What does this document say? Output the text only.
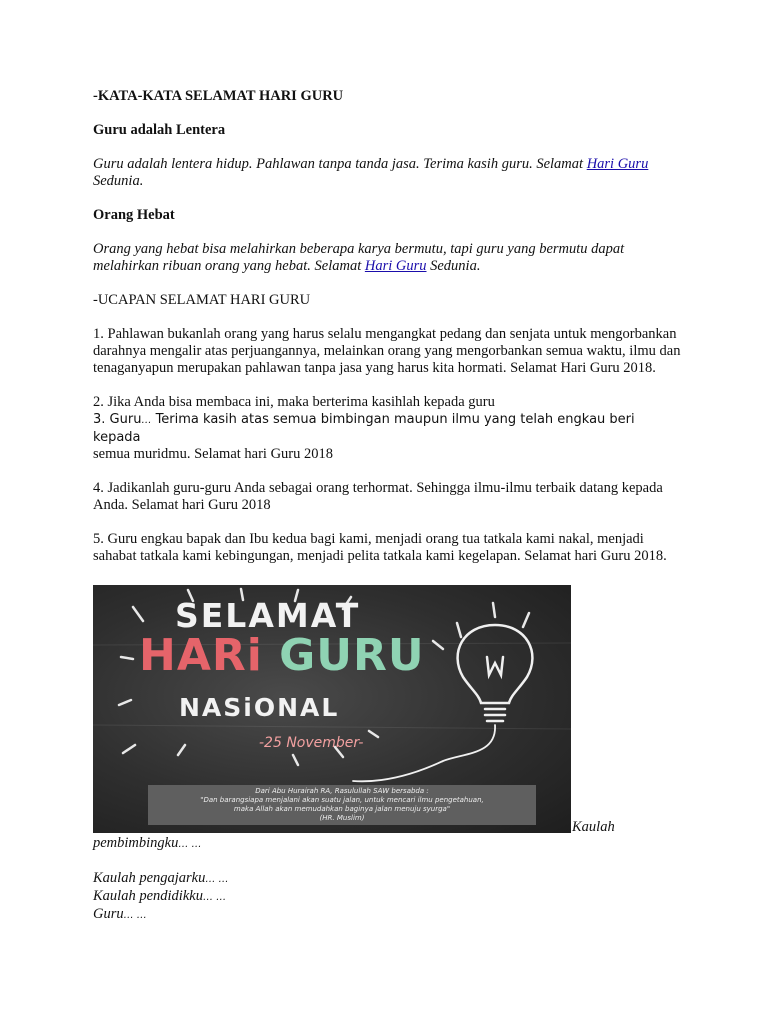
-KATA-KATA SELAMAT HARI GURU

Guru adalah Lentera

Guru adalah lentera hidup. Pahlawan tanpa tanda jasa. Terima kasih guru. Selamat Hari Guru Sedunia.

Orang Hebat

Orang yang hebat bisa melahirkan beberapa karya bermutu, tapi guru yang bermutu dapat melahirkan ribuan orang yang hebat. Selamat Hari Guru Sedunia.

-UCAPAN SELAMAT HARI GURU

1. Pahlawan bukanlah orang yang harus selalu mengangkat pedang dan senjata untuk mengorbankan darahnya mengalir atas perjuangannya, melainkan orang yang mengorbankan semua waktu, ilmu dan tenaganyapun merupakan pahlawan tanpa jasa yang harus kita hormati. Selamat Hari Guru 2018.

2. Jika Anda bisa membaca ini, maka berterima kasihlah kepada guru

3. Guru… Terima kasih atas semua bimbingan maupun ilmu yang telah engkau beri kepada
semua muridmu. Selamat hari Guru 2018

4. Jadikanlah guru-guru Anda sebagai orang terhormat. Sehingga ilmu-ilmu terbaik datang kepada Anda. Selamat hari Guru 2018

5. Guru engkau bapak dan Ibu kedua bagi kami, menjadi orang tua tatkala kami nakal, menjadi sahabat tatkala kami kebingungan, menjadi pelita tatkala kami kegelapan. Selamat hari Guru 2018.

SELAMAT
HARi GURU
NASiONAL
-25 November-
Dari Abu Hurairah RA, Rasulullah SAW bersabda :
"Dan barangsiapa menjalani akan suatu jalan, untuk mencari ilmu pengetahuan,
maka Allah akan memudahkan baginya jalan menuju syurga"
(HR. Muslim)
Kaulah
pembimbingku… …
Kaulah pengajarku… …
Kaulah pendidikku… …
Guru… …
